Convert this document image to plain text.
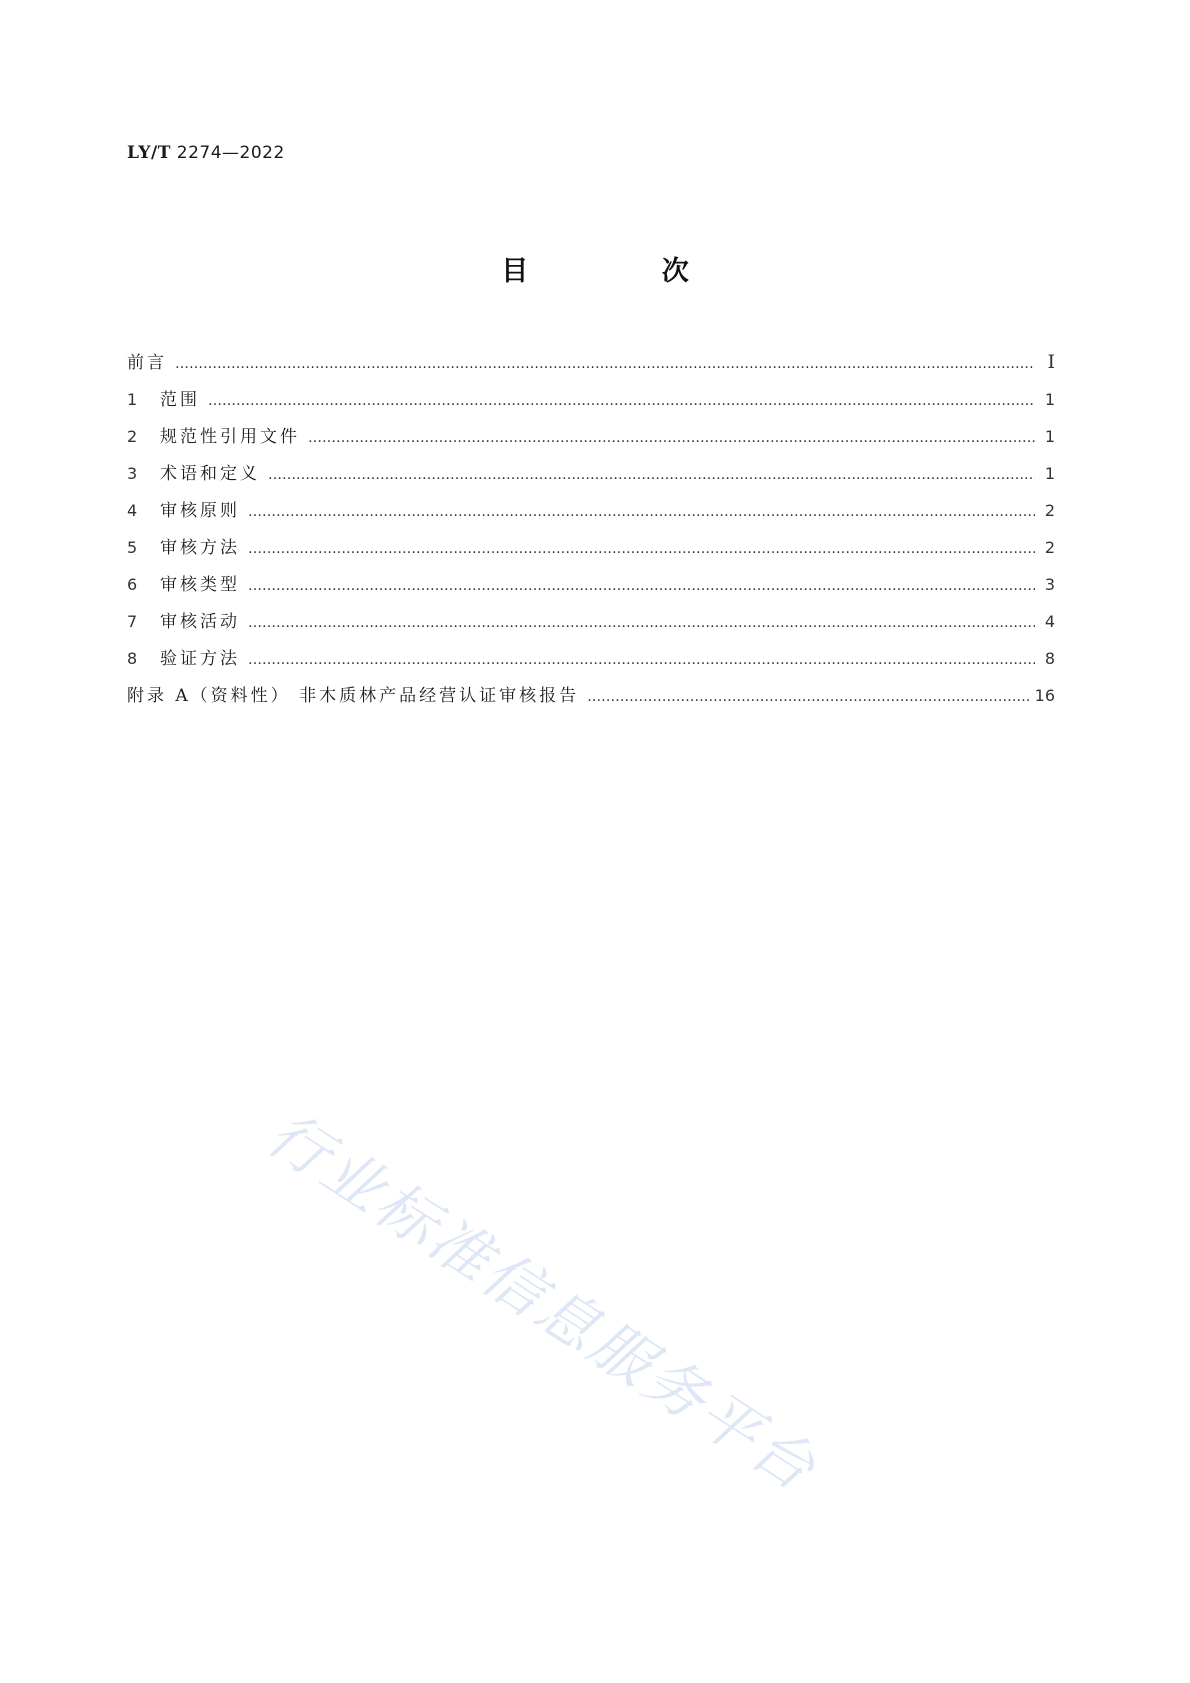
LY/T 2274—2022
目 次
前言 ……………………………………………………………………………………………………………………………………………………………………………………………………………………………………	Ⅰ
1	范围 ……………………………………………………………………………………………………………………………………………………………………………………………………………………………………	1
2	规范性引用文件 ……………………………………………………………………………………………………………………………………………………………………………………………………………………………………	1
3	术语和定义 ……………………………………………………………………………………………………………………………………………………………………………………………………………………………………	1
4	审核原则 ……………………………………………………………………………………………………………………………………………………………………………………………………………………………………	2
5	审核方法 ……………………………………………………………………………………………………………………………………………………………………………………………………………………………………	2
6	审核类型 ……………………………………………………………………………………………………………………………………………………………………………………………………………………………………	3
7	审核活动 ……………………………………………………………………………………………………………………………………………………………………………………………………………………………………	4
8	验证方法 ……………………………………………………………………………………………………………………………………………………………………………………………………………………………………	8
附录 A（资料性） 非木质林产品经营认证审核报告 ……………………………………………………………………………………………………………………………………………………………………………………………………………………………………	16
行业标准信息服务平台
